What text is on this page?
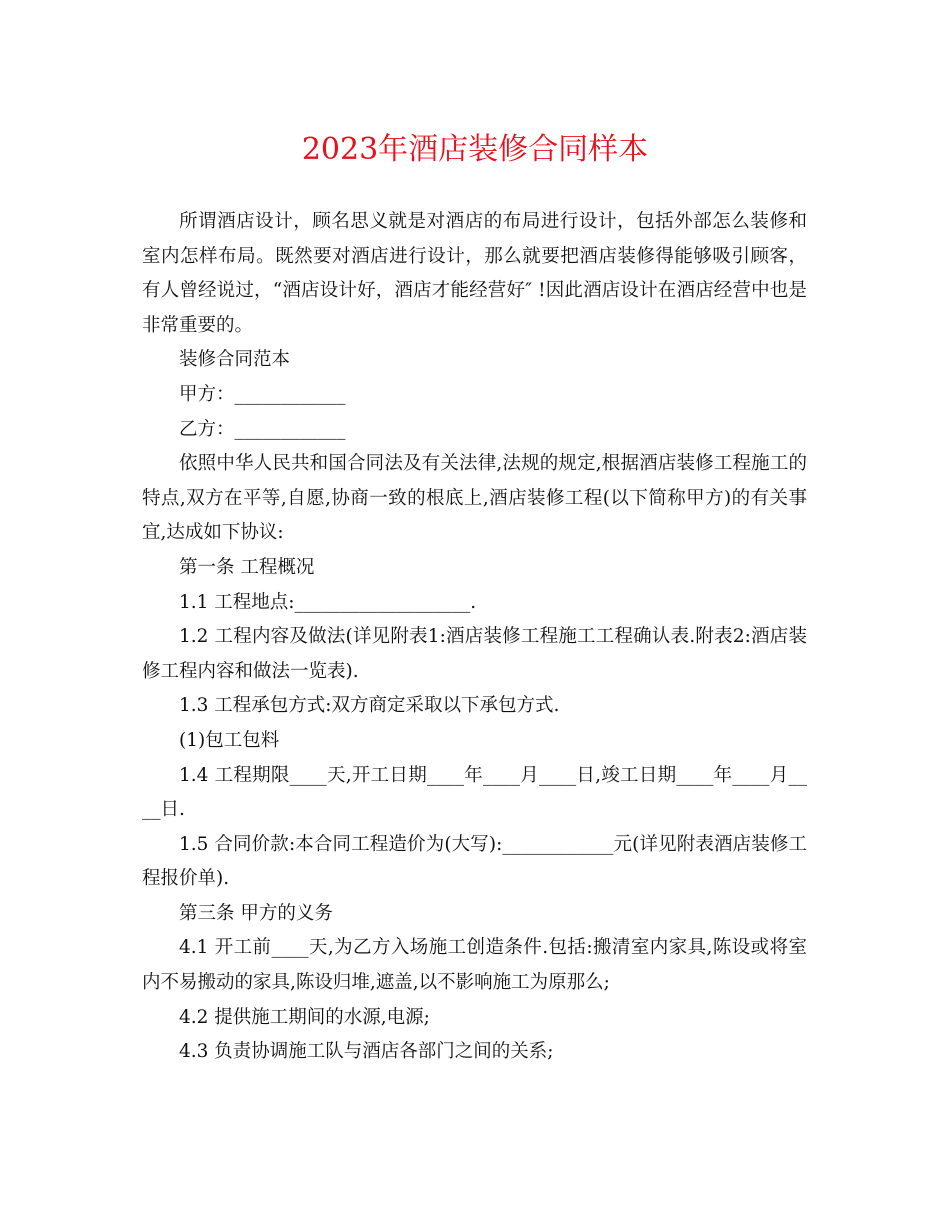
2023年酒店装修合同样本

所谓酒店设计，顾名思义就是对酒店的布局进行设计，包括外部怎么装修和室内怎样布局。既然要对酒店进行设计，那么就要把酒店装修得能够吸引顾客，有人曾经说过，“酒店设计好，酒店才能经营好″ !因此酒店设计在酒店经营中也是非常重要的。

装修合同范本

甲方：____________

乙方：____________

依照中华人民共和国合同法及有关法律,法规的规定,根据酒店装修工程施工的特点,双方在平等,自愿,协商一致的根底上,酒店装修工程(以下简称甲方)的有关事宜,达成如下协议:

第一条 工程概况

1.1 工程地点:___________________.

1.2 工程内容及做法(详见附表1:酒店装修工程施工工程确认表.附表2:酒店装修工程内容和做法一览表).

1.3 工程承包方式:双方商定采取以下承包方式.

(1)包工包料

1.4 工程期限____天,开工日期____年____月____日,竣工日期____年____月____日.

1.5 合同价款:本合同工程造价为(大写):____________元(详见附表酒店装修工程报价单).

第三条 甲方的义务

4.1 开工前____天,为乙方入场施工创造条件.包括:搬清室内家具,陈设或将室内不易搬动的家具,陈设归堆,遮盖,以不影响施工为原那么;

4.2 提供施工期间的水源,电源;

4.3 负责协调施工队与酒店各部门之间的关系;
